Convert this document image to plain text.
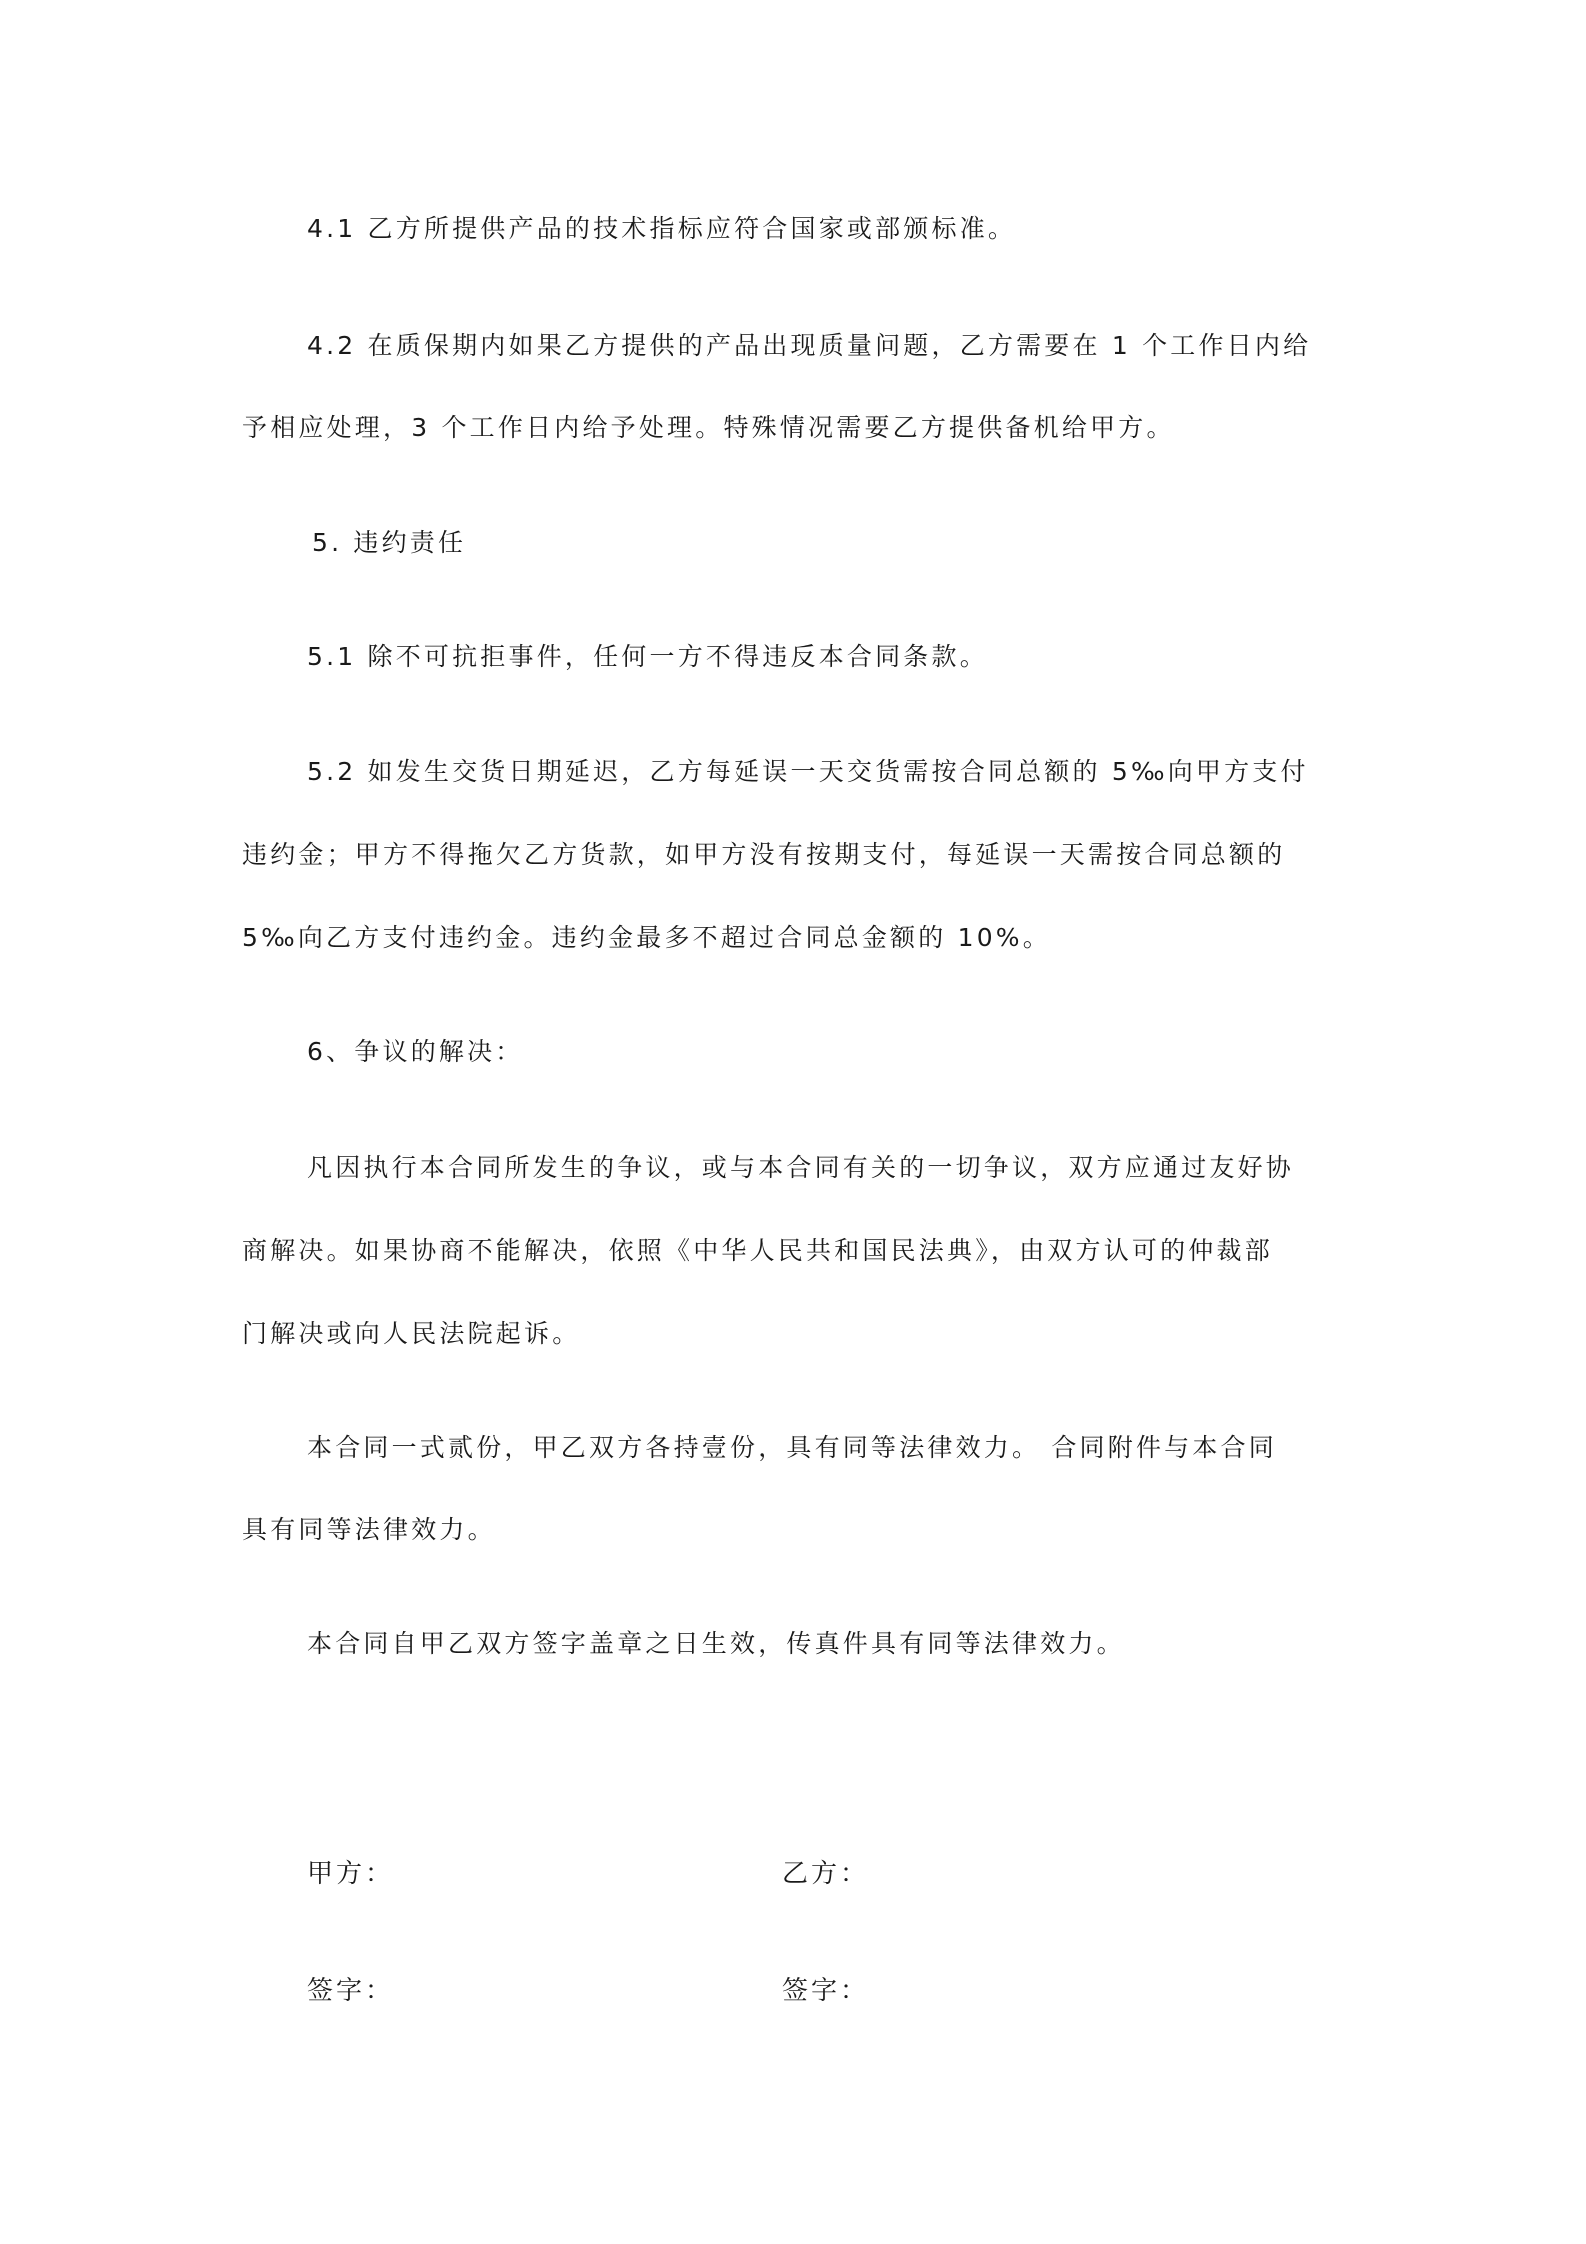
4.1 乙方所提供产品的技术指标应符合国家或部颁标准。
4.2 在质保期内如果乙方提供的产品出现质量问题，乙方需要在 1 个工作日内给
予相应处理，3 个工作日内给予处理。特殊情况需要乙方提供备机给甲方。
5. 违约责任
5.1 除不可抗拒事件，任何一方不得违反本合同条款。
5.2 如发生交货日期延迟，乙方每延误一天交货需按合同总额的 5‰向甲方支付
违约金；甲方不得拖欠乙方货款，如甲方没有按期支付，每延误一天需按合同总额的
5‰向乙方支付违约金。违约金最多不超过合同总金额的 10%。
6、争议的解决：
凡因执行本合同所发生的争议，或与本合同有关的一切争议，双方应通过友好协
商解决。如果协商不能解决，依照《中华人民共和国民法典》，由双方认可的仲裁部
门解决或向人民法院起诉。
本合同一式贰份，甲乙双方各持壹份，具有同等法律效力。 合同附件与本合同
具有同等法律效力。
本合同自甲乙双方签字盖章之日生效，传真件具有同等法律效力。
甲方：	乙方：
签字：	签字：
